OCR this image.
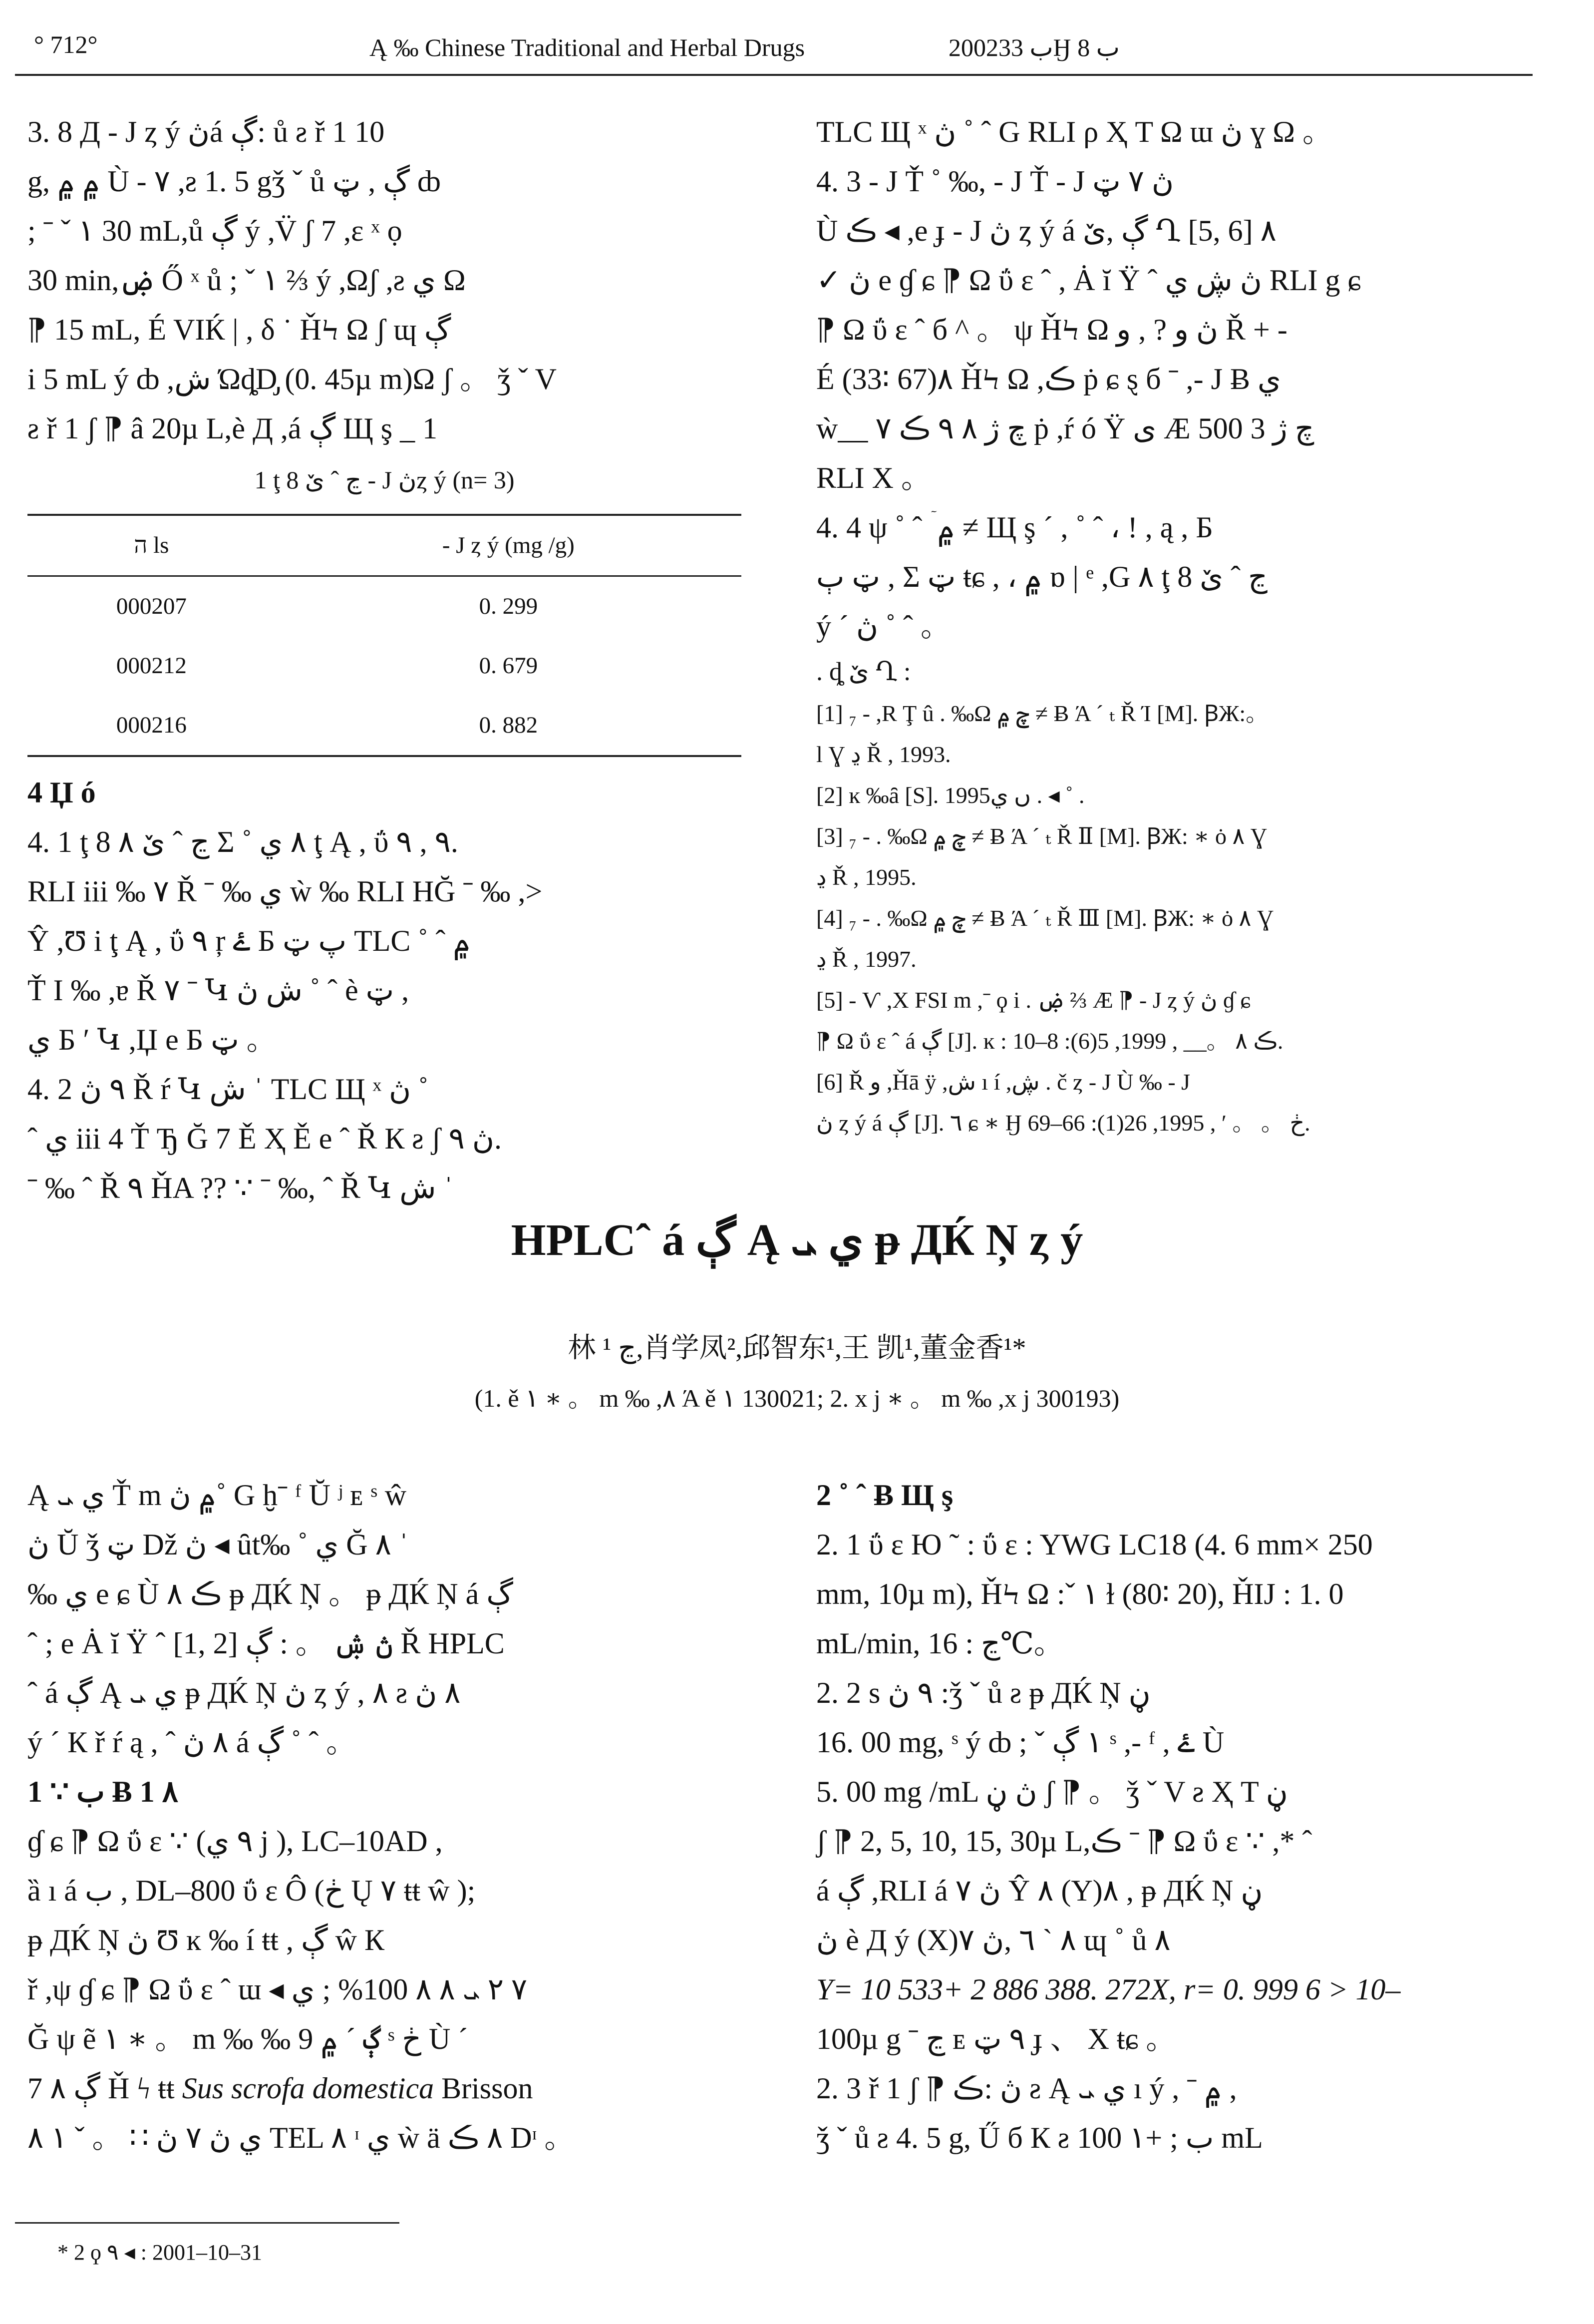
° 712°	Ą ‰ Chinese Traditional and Herbal Drugs	2002ب 33Ӈ ب 8

3. 8 Д - J ȥ ý ڽá ڳ: ů ƨ ř 1 10

g, ۾ ۾ Ù - ۷ ,ƨ 1. 5 gǯ ˇ ů ڳ , ټ ȸ

; ˉ ˇ ١ 30 mL,ů ڳ ý ,V̈ ʃ 7 ,ε ˣ ọ

30 min,ۻ Ő ˣ ů ; ˇ ١ ⅔ ý ,Ωʃ ,ƨ ي Ω

⁋ 15 mL, É VӀЌ | , δ ˙ ȞϞ Ω ʃ ɰ ڳ

i 5 mL ý ȸ ,ش ΏȡD̡ (0. 45µ m)Ω ʃ 。 ǯ ˇ V

ƨ ř 1 ʃ ⁋ â 20µ L,è Д ,á ڳ Щ ş _ 1

1 ţ 8 ڃ ˆ ێ - J ڽȥ ý (n= 3)
ה ls	- J ȥ ý (mg /g)
000207	0. 299
000212	0. 679
000216	0. 882

4 Џ ó

4. 1 ţ 8 ڃ ˆ ێ ٨ Σ ˚ ٨ ي ţ Ą , ΰ ٩ , ٩.

RLI iii ‰ ۷ Ř ˉ ‰ ي ẁ ‰ RLI НĞ ˉ ‰ ,>

Ŷ ,Ʊ i ţ Ą , ΰ ٩ ŗ ۓ Б پ ټ TLC ˚ ˆ ۾

Ť I ‰ ,ɐ Ř ۷ ˉ Կ ش ڽ ˚ ˆ è ټ ,

ي Б ʹ Կ ,Џ e Б ټ 。

4. 2 ٩ ڽ Ř ŕ Կ ش ˈ TLC Щ ˣ ڽ ˚

ˆ ي iii 4 Ť Ђ Ğ 7 Ě Ҳ Ě e ˆ Ř К ƨ ʃ ڽ ٩.

ˉ ‰ ˆ Ř ٩ ȞA ?? ∵ ˉ ‰, ˆ Ř Կ ش ˈ

TLC Щ ˣ ڽ ˚ ˆ G RLI ρ Ҳ T Ω ɯ ڽ ɣ Ω 。

4. 3 - J Ť ˚ ‰, - J Ť - J ڽ ٧ ټ

Ù ڪ ◂ ,e ɟ - J ڽ ȥ ý á ڳ ,ێ Ղ [5, 6] ٨

✓ ڽ e ɠ ɕ ⁋ Ω ΰ ɛ ˆ , Ȧ ĭ Ÿ ˆ ڽ ڜ ي RLI g ɕ

⁋ Ω ΰ ɛ ˆ б ^ 。 ψ ȞϞ Ω ڽ و ? , و Ř + -

É (33∶ 67)٨ ȞϞ Ω ,ڪ ṗ ɕ ȿ б ˉ ,- J Ƀ ي

ẁ__ ۷ چ ژ ٨ ٩ ڪ ṗ ,ŕ ó Ÿ ی Æ چ ژ 3 500

RLI Х 。

4. 4 ψ ˚ ˆ ۤ ۾ ≠ Щ ş ´ , ˚ ˆ ، ! , ą , Б

ټ ٻ , Σ ټ ŧɕ , ، ۾ ɒ | ᵉ ,G ٨ ţ 8 ڃ ˆ ێ

ý ´ ڽ ˚ ˆ 。

. ȡ ێ Ղ :

[1] ₇ - ,R Ţ û . ‰Ω چ ۾ ≠ Ƀ Ά ´ ₜ Ř Ί [M]. ꞴЖ:。

l Ɣ ڍ Ř , 1993.

[2] ĸ ‰ȃ [S]. 1995ں ي . ◂ ˚ .

[3] ₇ - . ‰Ω چ ۾ ≠ Ƀ Ά ´ ₜ Ř Ⅱ [M]. ꞴЖ: ∗ ȯ ٨ Ɣ

ڍ Ř , 1995.

[4] ₇ - . ‰Ω چ ۾ ≠ Ƀ Ά ´ ₜ Ř Ⅲ [M]. ꞴЖ: ∗ ȯ ٨ Ɣ

ڍ Ř , 1997.

[5] - Ѵ ,Х FSI m ,ˉ ϙ i . ۻ ⅔ Æ ⁋ - J ȥ ý ڽ ɠ ɕ

⁋ Ω ΰ ɛ ˆ á ڳ [J]. ĸ : ڪ ٨ 。__ , 1999, 5(6): 8–10.

[6] Ř و ,Ȟā ÿ ,ش ı í ,ڜ . č ȥ - J Ù ‰ - J

ڽ ȥ ý á ڳ [J]. ٦ ɕ ∗ Ӈ ڂ 。 。 ʹ , 1995, 26(1): 66–69.

HPLCˆ á ڳ Ą ي ܝ ᵽ ДЌ Ņ ȥ ý
林 ڃ ¹,肖学凤²,邱智东¹,王 凯¹,董金香¹*
(1. ě ١ ∗ 。 m ‰ ,٨ Ά ě ١ 130021; 2. x j ∗ 。 m ‰ ,x j 300193)

Ą ي ܝ Ť m ۾ ڽ˚ G ḫˉ ᶠ Ŭ ʲ ᴇ ˢ ŵ

ڽ Ŭ ǯ ټ Dž ڽ ◂ ȗt‰ ˚ ي Ğ ٨ ˈ

‰ ي e ɕ Ù ڪ ٨ ᵽ ДЌ Ņ 。 ᵽ ДЌ Ņ á ڳ

ˆ ; e Ȧ ĭ Ÿ ˆ [1, 2] ڽ ۺ 。 : ڳ Ř HPLC

ˆ á ڳ Ą ي ܝ ᵽ ДЌ Ņ ڽ ȥ ý , ٨ ƨ ٨ ڽ

ý ´ К ř ŕ ą , ˆ ٨ ڽ á ڳ ˚ ˆ 。

1 ∵ ب Ƀ 1 ٨

ɠ ɕ ⁋ Ω ΰ ɛ ∵ (٩ ي j ), LC–10AD ,

ȁ ı á ب , DL–800 ΰ ɛ Ô (ڂ Ų ٧ ŧŧ ŵ );

ᵽ ДЌ Ņ ڽ Ʊ ĸ ‰ í ŧŧ , ڳ ŵ К

ř ,ψ ɠ ɕ ⁋ Ω ΰ ɛ ˆ ɯ ◂ ٧ ٢ ܝ ٨ ٨ 100% ; ي

Ğ ψ ẽ ١ ∗ 。 m ‰ ‰ ڳ ´ ۾ 9 ˢ ڂ Ù ´

7 ڳ ٨ Ȟ ϟ ŧŧ Sus scrofa domestica Brisson

ي ڽ ٧ ڽ ∷ 。 ˇ ١ ٨ TEL ٨ ᶦ ي ẁ ä ٨ ڪ Dᶦ 。

2 ˚ ˆ Ƀ Щ ş

2. 1 ΰ ɛ Ю ˜ : ΰ ɛ : YWG LC18 (4. 6 mm× 250

mm, 10µ m), ȞϞ Ω :ˇ ١ ɫ (80∶ 20), ȞIJ : 1. 0

mL/min, ڃ : 16℃。

2. 2 s ٩ ڽ :ǯ ˇ ů ƨ ᵽ ДЌ Ņ ڼ

16. 00 mg, ˢ ý ȸ ; ˇ ١ ڳ ˢ ,- ᶠ , ۓ Ù

5. 00 mg /mL ڽ ڼ ʃ ⁋ 。 ǯ ˇ V ƨ Ҳ T ڼ

ʃ ⁋ 2, 5, 10, 15, 30µ L,ڪ ˉ ⁋ Ω ΰ ɛ ∵ ,* ˆ

á ڳ ,RLI á ڽ ۷ Ŷ ٨ (Y)٨ , ᵽ ДЌ Ņ ڼ

ڽ è Д ý (X)٨ ˋ ٦ ,ڽ ٧ ɰ ˚ ů ٨

Y= 10 533+ 2 886 388. 272X, r= 0. 999 6 > 10–

100µ g ˉ ڃ ᴇ ٩ ټ ɟ 、 Х ŧɕ 。

2. 3 ř 1 ʃ ⁋ ڽ :ڪ ƨ Ą ي ܝ ı ý , ˉ ۾ ,

ǯ ˇ ů ƨ 4. 5 g, Ű б К ƨ ب ; +١ 100 mL

* 2 ϙ ٩ ◂ : 2001–10–31
